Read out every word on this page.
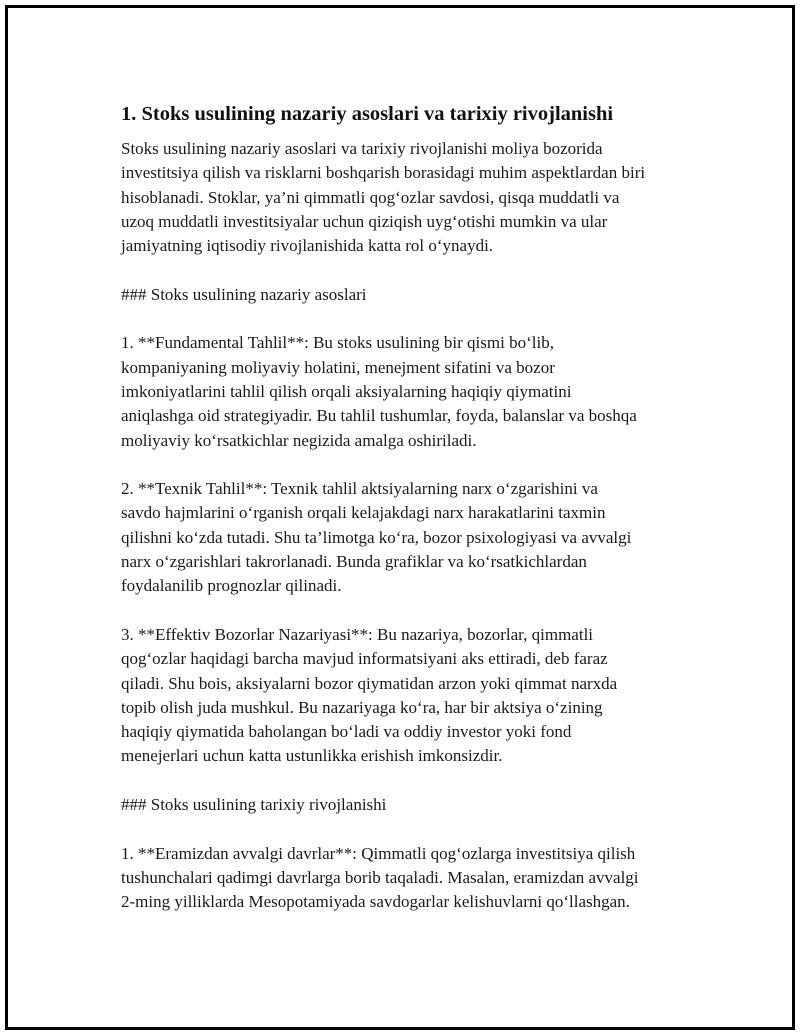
1. Stoks usulining nazariy asoslari va tarixiy rivojlanishi

Stoks usulining nazariy asoslari va tarixiy rivojlanishi moliya bozorida
investitsiya qilish va risklarni boshqarish borasidagi muhim aspektlardan biri
hisoblanadi. Stoklar, ya’ni qimmatli qog‘ozlar savdosi, qisqa muddatli va
uzoq muddatli investitsiyalar uchun qiziqish uyg‘otishi mumkin va ular
jamiyatning iqtisodiy rivojlanishida katta rol o‘ynaydi.

### Stoks usulining nazariy asoslari

1. **Fundamental Tahlil**: Bu stoks usulining bir qismi bo‘lib,
kompaniyaning moliyaviy holatini, menejment sifatini va bozor
imkoniyatlarini tahlil qilish orqali aksiyalarning haqiqiy qiymatini
aniqlashga oid strategiyadir. Bu tahlil tushumlar, foyda, balanslar va boshqa
moliyaviy ko‘rsatkichlar negizida amalga oshiriladi.

2. **Texnik Tahlil**: Texnik tahlil aktsiyalarning narx o‘zgarishini va
savdo hajmlarini o‘rganish orqali kelajakdagi narx harakatlarini taxmin
qilishni ko‘zda tutadi. Shu ta’limotga ko‘ra, bozor psixologiyasi va avvalgi
narx o‘zgarishlari takrorlanadi. Bunda grafiklar va ko‘rsatkichlardan
foydalanilib prognozlar qilinadi.

3. **Effektiv Bozorlar Nazariyasi**: Bu nazariya, bozorlar, qimmatli
qog‘ozlar haqidagi barcha mavjud informatsiyani aks ettiradi, deb faraz
qiladi. Shu bois, aksiyalarni bozor qiymatidan arzon yoki qimmat narxda
topib olish juda mushkul. Bu nazariyaga ko‘ra, har bir aktsiya o‘zining
haqiqiy qiymatida baholangan bo‘ladi va oddiy investor yoki fond
menejerlari uchun katta ustunlikka erishish imkonsizdir.

### Stoks usulining tarixiy rivojlanishi

1. **Eramizdan avvalgi davrlar**: Qimmatli qog‘ozlarga investitsiya qilish
tushunchalari qadimgi davrlarga borib taqaladi. Masalan, eramizdan avvalgi
2-ming yilliklarda Mesopotamiyada savdogarlar kelishuvlarni qo‘llashgan.
